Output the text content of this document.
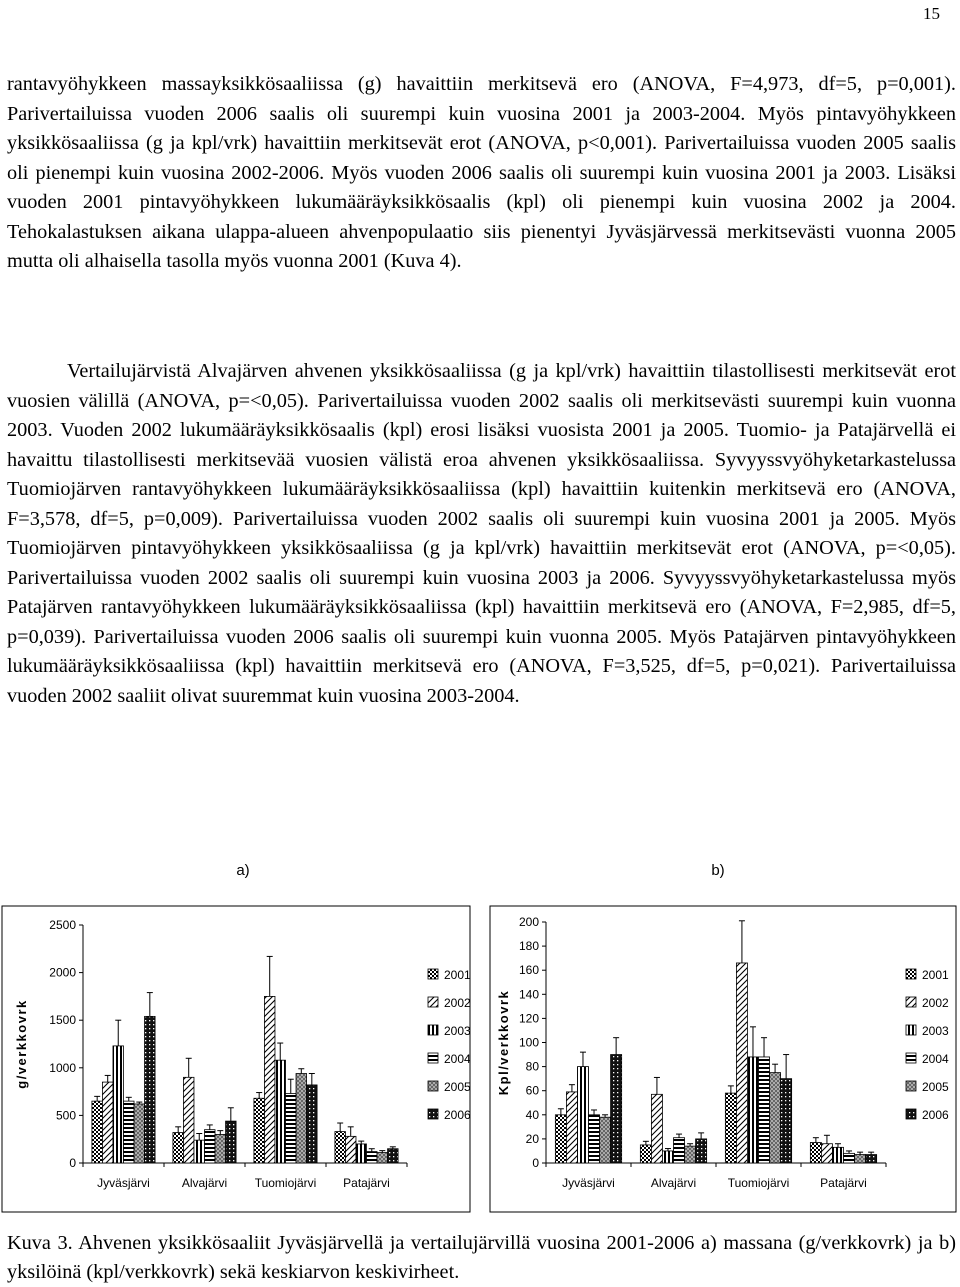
15

rantavyöhykkeen massayksikkösaaliissa (g) havaittiin merkitsevä ero (ANOVA, F=4,973, df=5, p=0,001). Parivertailuissa vuoden 2006 saalis oli suurempi kuin vuosina 2001 ja 2003-2004. Myös pintavyöhykkeen yksikkösaaliissa (g ja kpl/vrk) havaittiin merkitsevät erot (ANOVA, p<0,001). Parivertailuissa vuoden 2005 saalis oli pienempi kuin vuosina 2002-2006. Myös vuoden 2006 saalis oli suurempi kuin vuosina 2001 ja 2003. Lisäksi vuoden 2001 pintavyöhykkeen lukumääräyksikkösaalis (kpl) oli pienempi kuin vuosina 2002 ja 2004. Tehokalastuksen aikana ulappa-alueen ahvenpopulaatio siis pienentyi Jyväsjärvessä merkitsevästi vuonna 2005 mutta oli alhaisella tasolla myös vuonna 2001 (Kuva 4).

Vertailujärvistä Alvajärven ahvenen yksikkösaaliissa (g ja kpl/vrk) havaittiin tilastollisesti merkitsevät erot vuosien välillä (ANOVA, p=<0,05). Parivertailuissa vuoden 2002 saalis oli merkitsevästi suurempi kuin vuonna 2003. Vuoden 2002 lukumääräyksikkösaalis (kpl) erosi lisäksi vuosista 2001 ja 2005. Tuomio- ja Patajärvellä ei havaittu tilastollisesti merkitsevää vuosien välistä eroa ahvenen yksikkösaaliissa. Syvyyssvyöhyketarkastelussa Tuomiojärven rantavyöhykkeen lukumääräyksikkösaaliissa (kpl) havaittiin kuitenkin merkitsevä ero (ANOVA, F=3,578, df=5, p=0,009). Parivertailuissa vuoden 2002 saalis oli suurempi kuin vuosina 2001 ja 2005. Myös Tuomiojärven pintavyöhykkeen yksikkösaaliissa (g ja kpl/vrk) havaittiin merkitsevät erot (ANOVA, p=<0,05). Parivertailuissa vuoden 2002 saalis oli suurempi kuin vuosina 2003 ja 2006. Syvyyssvyöhyketarkastelussa myös Patajärven rantavyöhykkeen lukumääräyksikkösaaliissa (kpl) havaittiin merkitsevä ero (ANOVA, F=2,985, df=5, p=0,039). Parivertailuissa vuoden 2006 saalis oli suurempi kuin vuonna 2005. Myös Patajärven pintavyöhykkeen lukumääräyksikkösaaliissa (kpl) havaittiin merkitsevä ero (ANOVA, F=3,525, df=5, p=0,021). Parivertailuissa vuoden 2002 saaliit olivat suuremmat kuin vuosina 2003-2004.

a)
0
500
1000
1500
2000
2500
g/verkkovrk
Jyväsjärvi	Alvajärvi Tuomiojärvi Patajärvi
2001
2002
2003
2004
2005
2006
b)
0
20
40
60
80
100
120
140
160
180
200
Kpl/verkkovrk
Jyväsjärvi	Alvajärvi	Tuomiojärvi	Patajärvi
2001
2002
2003
2004
2005
2006

Kuva 3. Ahvenen yksikkösaaliit Jyväsjärvellä ja vertailujärvillä vuosina 2001-2006 a) massana (g/verkkovrk) ja b) yksilöinä (kpl/verkkovrk) sekä keskiarvon keskivirheet.
